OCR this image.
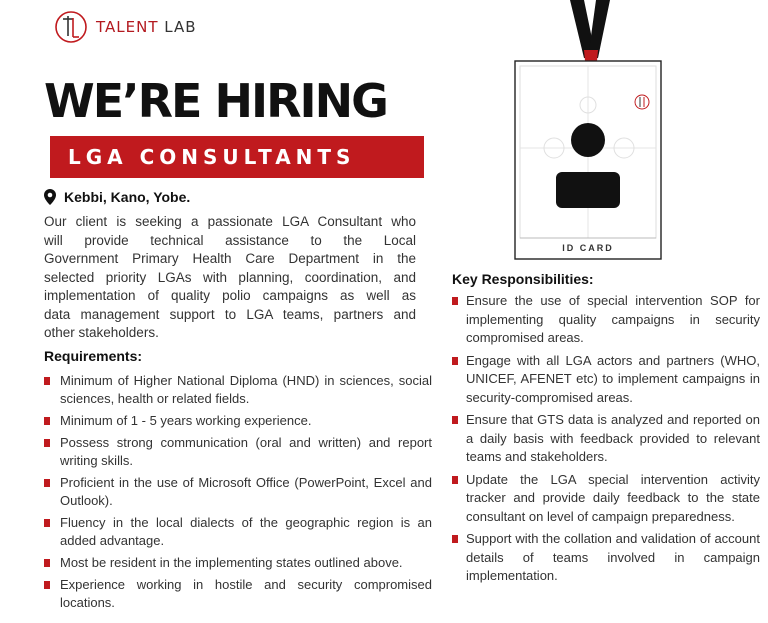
TALENT LAB
ID CARD
WE’RE HIRING
LGA CONSULTANTS
Kebbi, Kano, Yobe.
Our client is seeking a passionate LGA Consultant who
will provide technical assistance to the Local
Government Primary Health Care Department in the
selected priority LGAs with planning, coordination, and
implementation of quality polio campaigns as well as
data management support to LGA teams, partners and
other stakeholders.
Requirements:
Minimum of Higher National Diploma (HND) in sciences, social sciences, health or related fields.
Minimum of 1 - 5 years working experience.
Possess strong communication (oral and written) and report writing skills.
Proficient in the use of Microsoft Office (PowerPoint, Excel and Outlook).
Fluency in the local dialects of the geographic region is an added advantage.
Most be resident in the implementing states outlined above.
Experience working in hostile and security compromised locations.
Key Responsibilities:
Ensure the use of special intervention SOP for implementing quality campaigns in security compromised areas.
Engage with all LGA actors and partners (WHO, UNICEF, AFENET etc) to implement campaigns in security-compromised areas.
Ensure that GTS data is analyzed and reported on a daily basis with feedback provided to relevant teams and stakeholders.
Update the LGA special intervention activity tracker and provide daily feedback to the state consultant on level of campaign preparedness.
Support with the collation and validation of account details of teams involved in campaign implementation.
